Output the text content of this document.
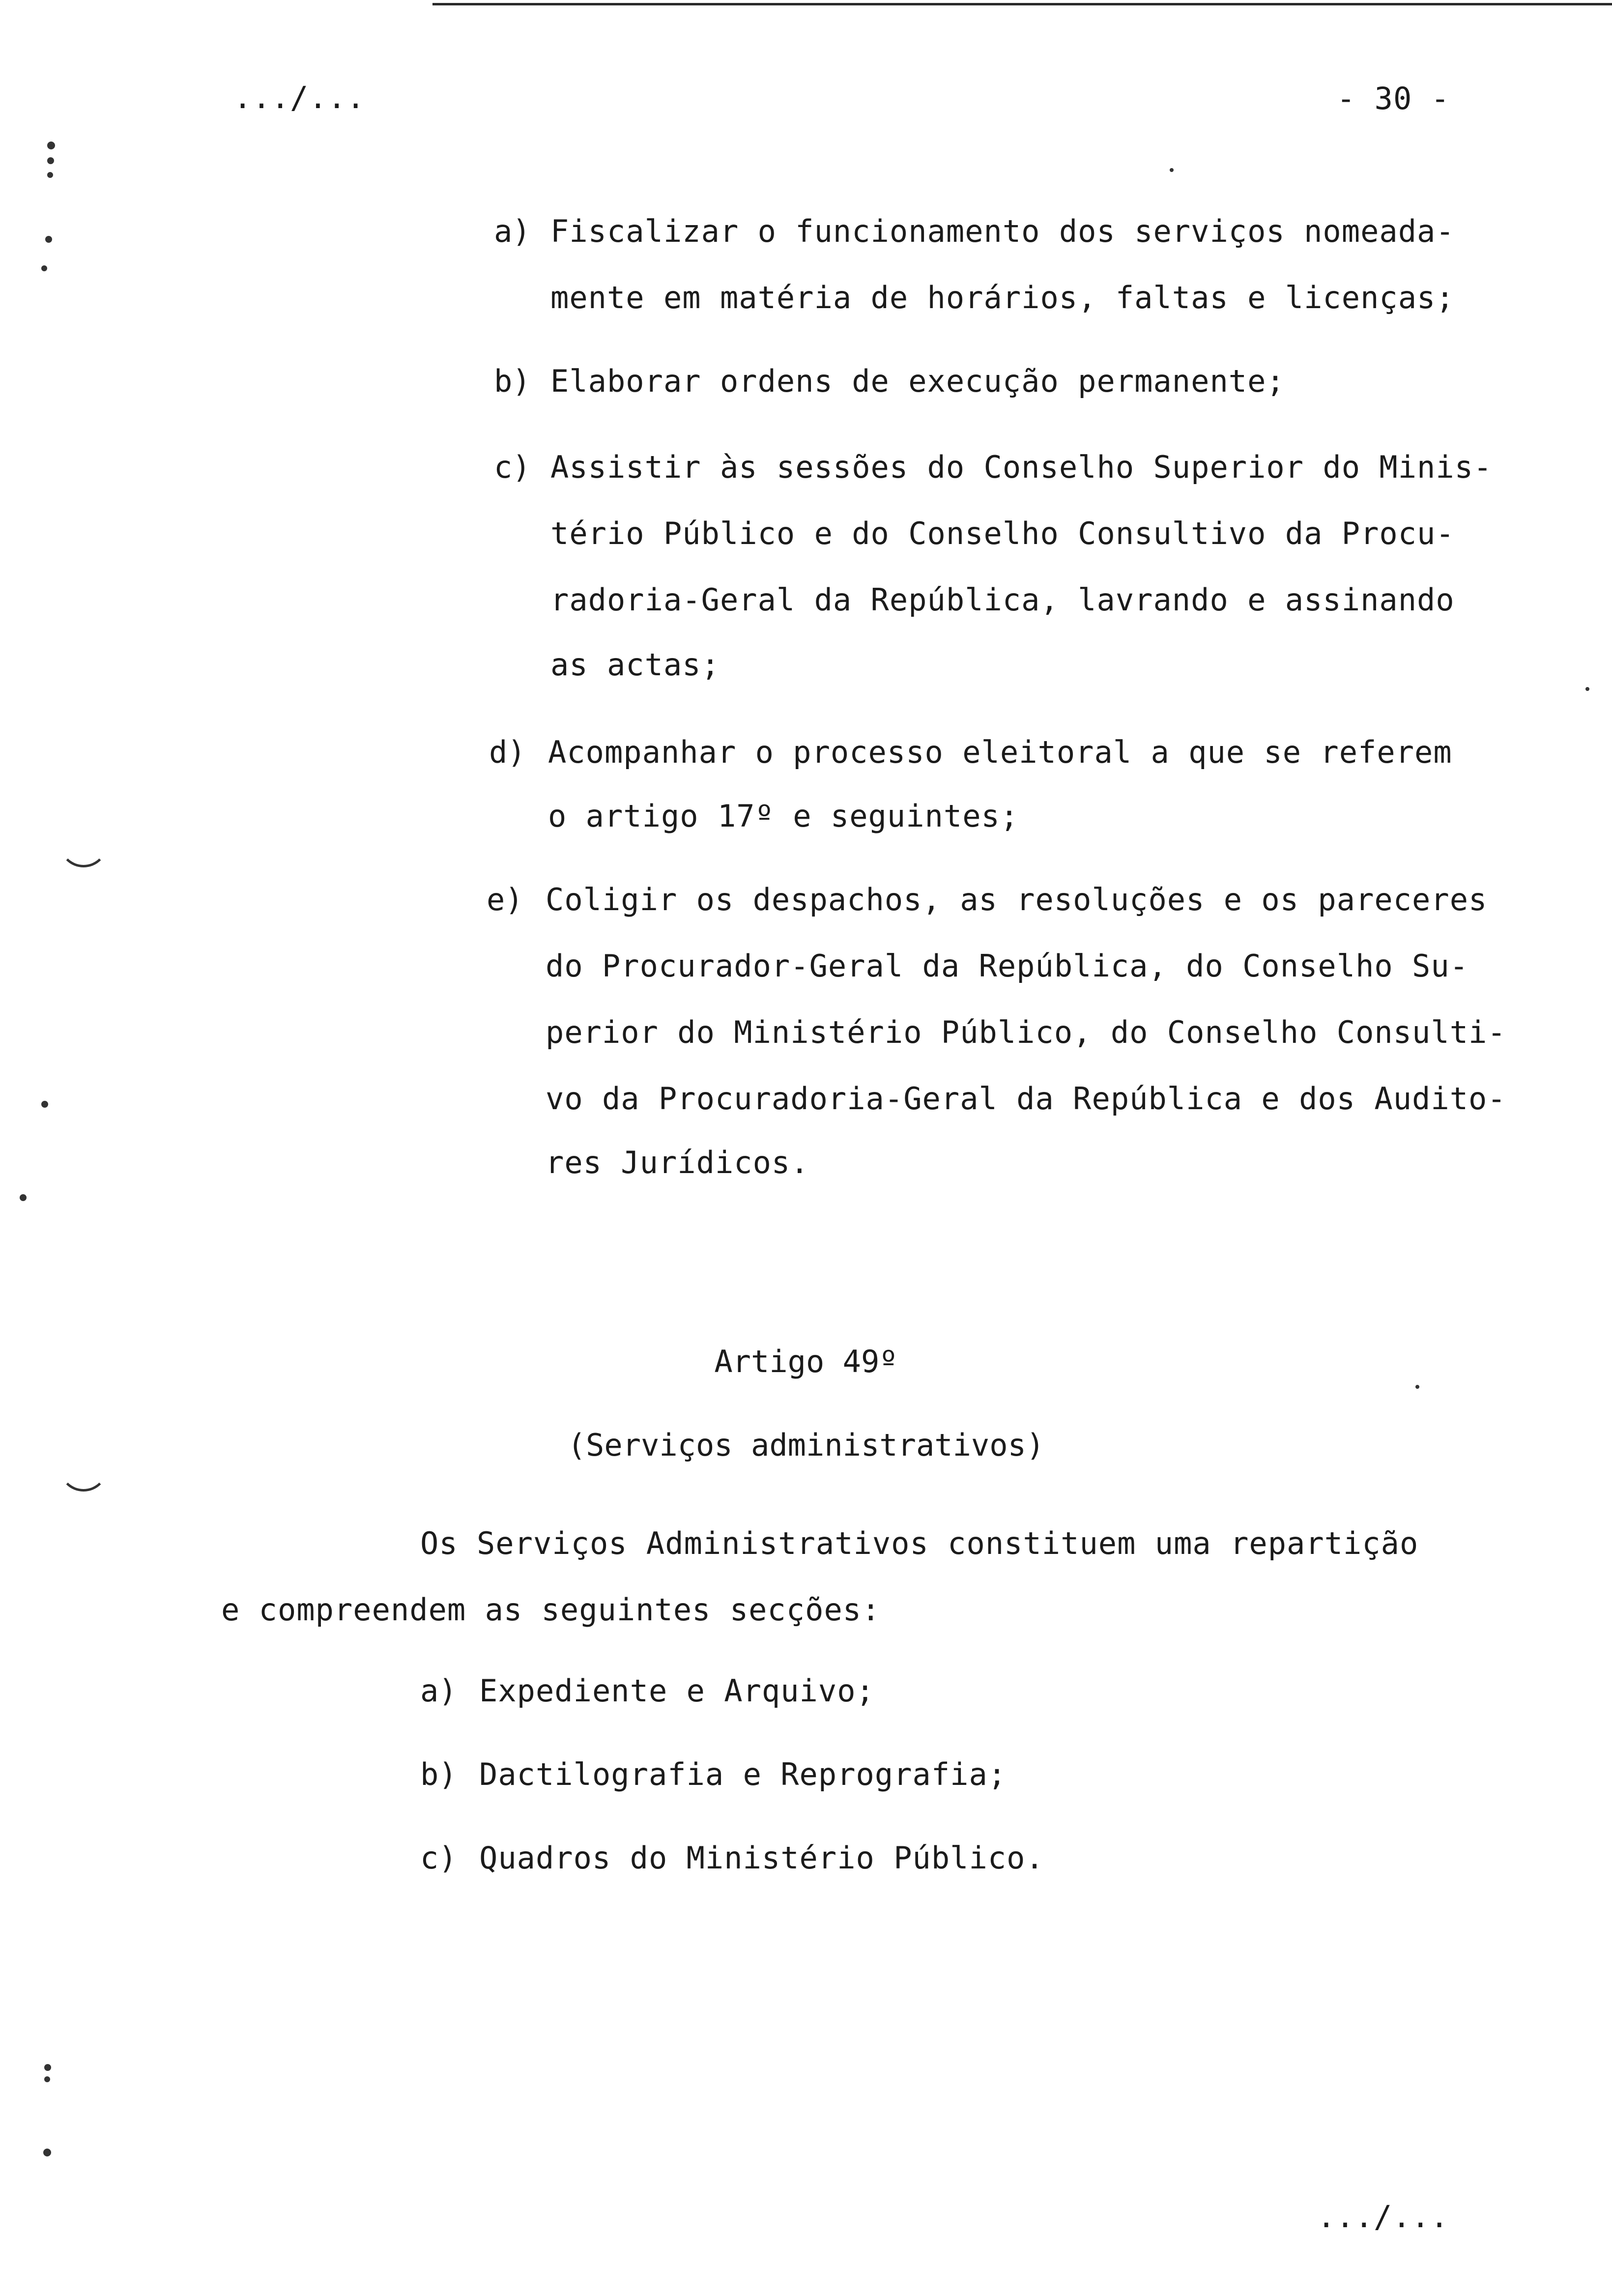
.../...	- 30 -
a) Fiscalizar o funcionamento dos serviços nomeada-
mente em matéria de horários, faltas e licenças;
b) Elaborar ordens de execução permanente;
c) Assistir às sessões do Conselho Superior do Minis-
tério Público e do Conselho Consultivo da Procu-
radoria-Geral da República, lavrando e assinando
as actas;
d) Acompanhar o processo eleitoral a que se referem
o artigo 17º e seguintes;
e) Coligir os despachos, as resoluções e os pareceres
do Procurador-Geral da República, do Conselho Su-
perior do Ministério Público, do Conselho Consulti-
vo da Procuradoria-Geral da República e dos Audito-
res Jurídicos.
Artigo 49º
(Serviços administrativos)
Os Serviços Administrativos constituem uma repartição
e compreendem as seguintes secções:
a) Expediente e Arquivo;
b) Dactilografia e Reprografia;
c) Quadros do Ministério Público.
.../...
